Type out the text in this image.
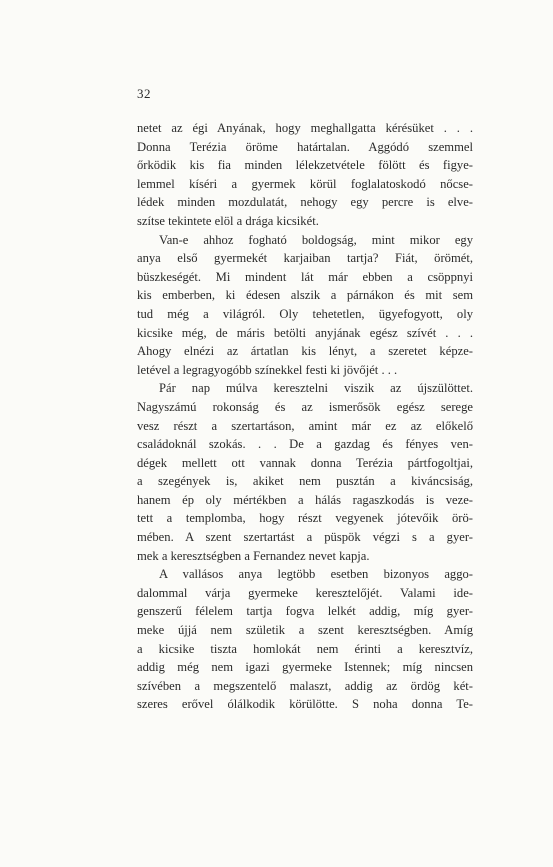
32
netet az égi Anyának, hogy meghallgatta kérésüket . . .
Donna Terézia öröme határtalan. Aggódó szemmel
őrködik kis fia minden lélekzetvétele fölött és figye-
lemmel kíséri a gyermek körül foglalatoskodó nőcse-
lédek minden mozdulatát, nehogy egy percre is elve-
szítse tekintete elöl a drága kicsikét.
Van-e ahhoz fogható boldogság, mint mikor egy
anya első gyermekét karjaiban tartja? Fiát, örömét,
büszkeségét. Mi mindent lát már ebben a csöppnyi
kis emberben, ki édesen alszik a párnákon és mit sem
tud még a világról. Oly tehetetlen, ügyefogyott, oly
kicsike még, de máris betölti anyjának egész szívét . . .
Ahogy elnézi az ártatlan kis lényt, a szeretet képze-
letével a legragyogóbb színekkel festi ki jövőjét . . .
Pár nap múlva keresztelni viszik az újszülöttet.
Nagyszámú rokonság és az ismerősök egész serege
vesz részt a szertartáson, amint már ez az előkelő
családoknál szokás. . . De a gazdag és fényes ven-
dégek mellett ott vannak donna Terézia pártfogoltjai,
a szegények is, akiket nem pusztán a kiváncsiság,
hanem ép oly mértékben a hálás ragaszkodás is veze-
tett a templomba, hogy részt vegyenek jótevőik örö-
mében. A szent szertartást a püspök végzi s a gyer-
mek a keresztségben a Fernandez nevet kapja.
A vallásos anya legtöbb esetben bizonyos aggo-
dalommal várja gyermeke keresztelőjét. Valami ide-
genszerű félelem tartja fogva lelkét addig, míg gyer-
meke újjá nem születik a szent keresztségben. Amíg
a kicsike tiszta homlokát nem érinti a keresztvíz,
addig még nem igazi gyermeke Istennek; míg nincsen
szívében a megszentelő malaszt, addig az ördög két-
szeres erővel ólálkodik körülötte. S noha donna Te-
